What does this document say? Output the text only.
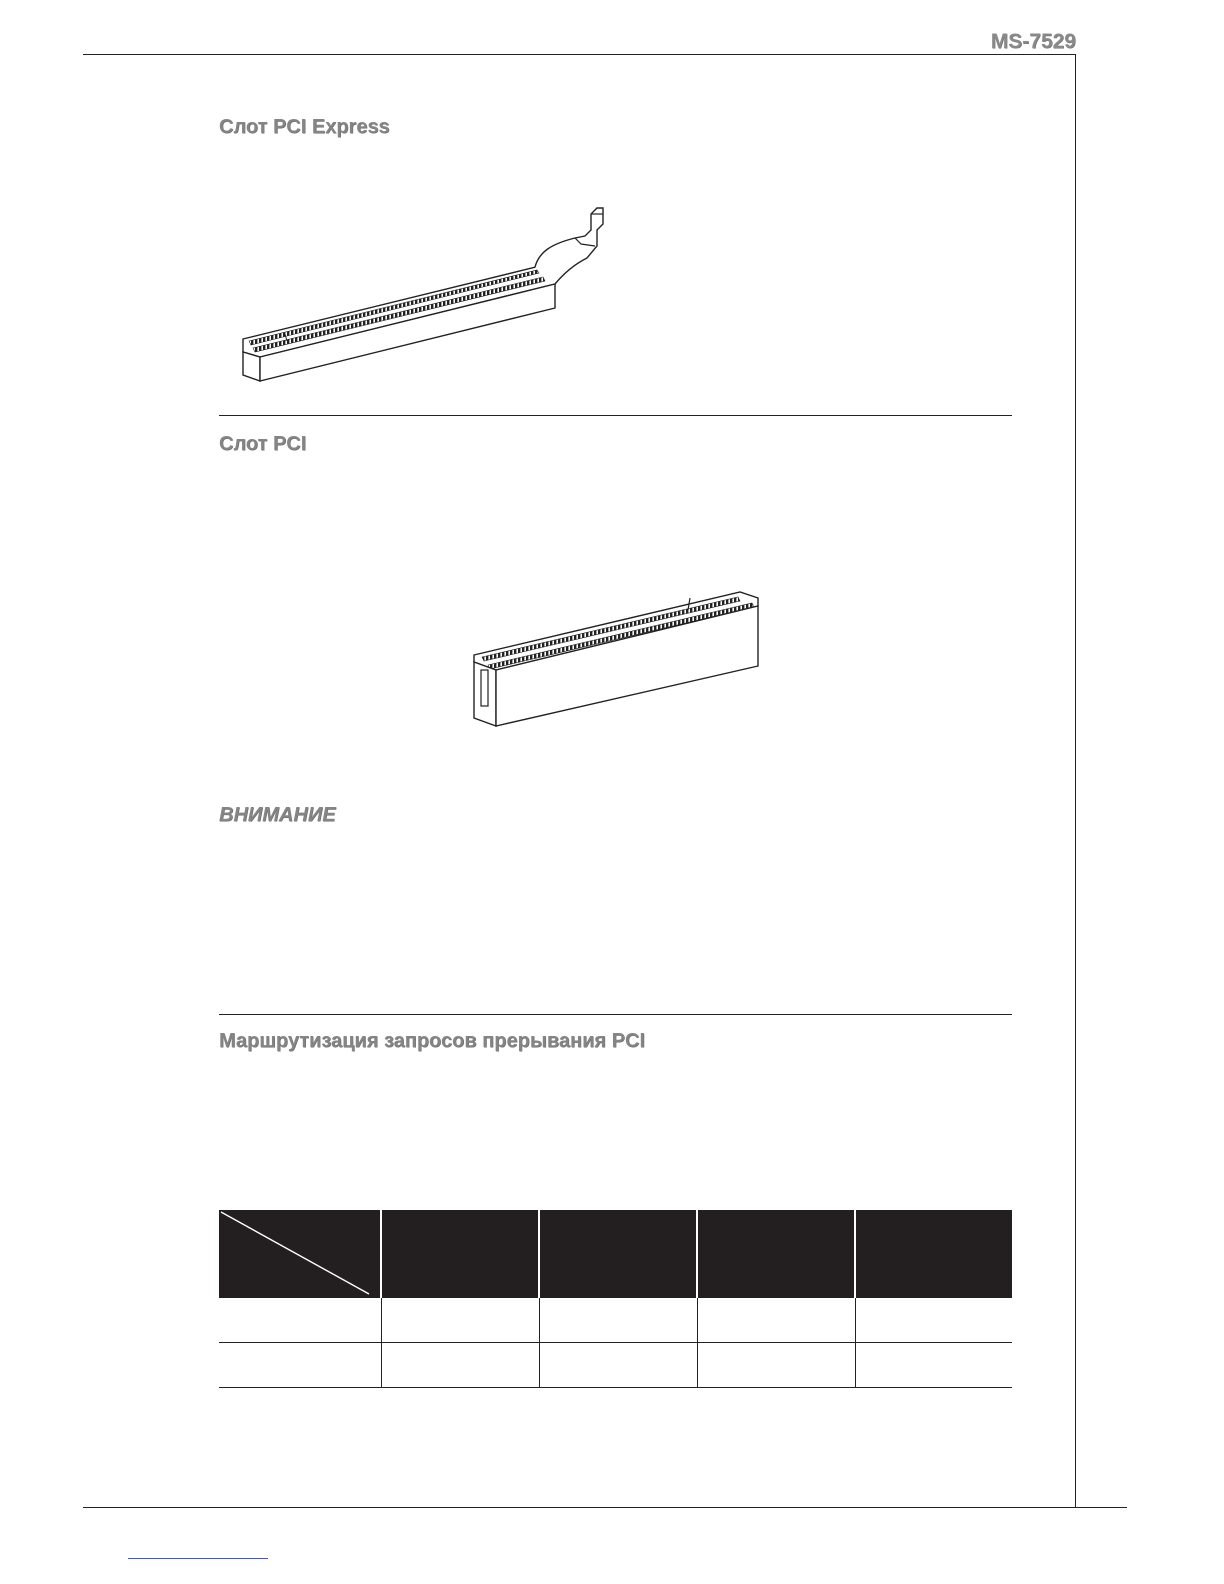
MS-7529
Слот PCI Express
Слот PCI
ВНИМАНИЕ
Маршрутизация запросов прерывания PCI
